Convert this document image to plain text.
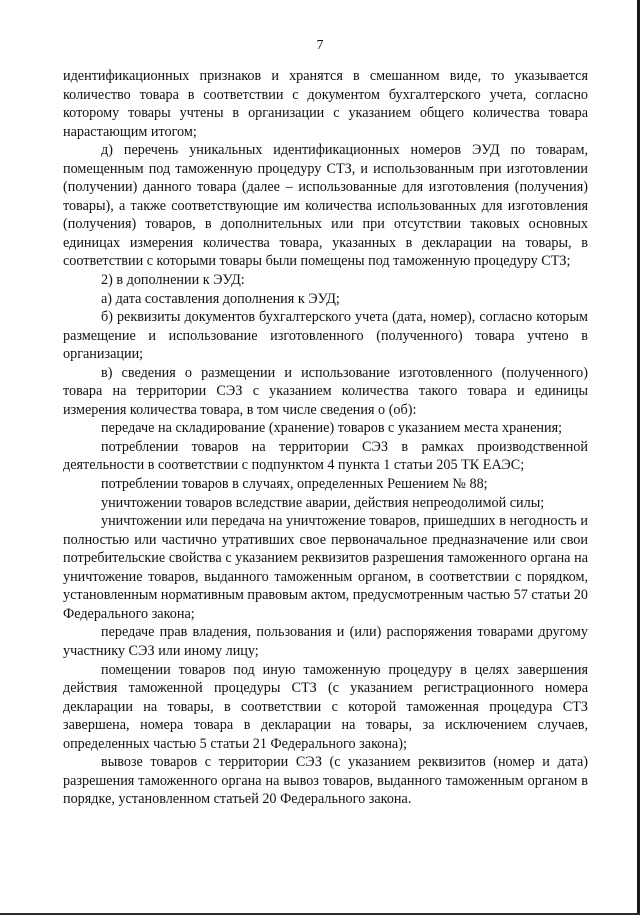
7

идентификационных признаков и хранятся в смешанном виде, то указывается количество товара в соответствии с документом бухгалтерского учета, согласно которому товары учтены в организации с указанием общего количества товара нарастающим итогом;

д) перечень уникальных идентификационных номеров ЭУД по товарам, помещенным под таможенную процедуру СТЗ, и использованным при изготовлении (получении) данного товара (далее – использованные для изготовления (получения) товары), а также соответствующие им количества использованных для изготовления (получения) товаров, в дополнительных или при отсутствии таковых основных единицах измерения количества товара, указанных в декларации на товары, в соответствии с которыми товары были помещены под таможенную процедуру СТЗ;

2) в дополнении к ЭУД:

а) дата составления дополнения к ЭУД;

б) реквизиты документов бухгалтерского учета (дата, номер), согласно которым размещение и использование изготовленного (полученного) товара учтено в организации;

в) сведения о размещении и использование изготовленного (полученного) товара на территории СЭЗ с указанием количества такого товара и единицы измерения количества товара, в том числе сведения о (об):

передаче на складирование (хранение) товаров с указанием места хранения;

потреблении товаров на территории СЭЗ в рамках производственной деятельности в соответствии с подпунктом 4 пункта 1 статьи 205 ТК ЕАЭС;

потреблении товаров в случаях, определенных Решением № 88;

уничтожении товаров вследствие аварии, действия непреодолимой силы;

уничтожении или передача на уничтожение товаров, пришедших в негодность и полностью или частично утративших свое первоначальное предназначение или свои потребительские свойства с указанием реквизитов разрешения таможенного органа на уничтожение товаров, выданного таможенным органом, в соответствии с порядком, установленным нормативным правовым актом, предусмотренным частью 57 статьи 20 Федерального закона;

передаче прав владения, пользования и (или) распоряжения товарами другому участнику СЭЗ или иному лицу;

помещении товаров под иную таможенную процедуру в целях завершения действия таможенной процедуры СТЗ (с указанием регистрационного номера декларации на товары, в соответствии с которой таможенная процедура СТЗ завершена, номера товара в декларации на товары, за исключением случаев, определенных частью 5 статьи 21 Федерального закона);

вывозе товаров с территории СЭЗ (с указанием реквизитов (номер и дата) разрешения таможенного органа на вывоз товаров, выданного таможенным органом в порядке, установленном статьей 20 Федерального закона.
